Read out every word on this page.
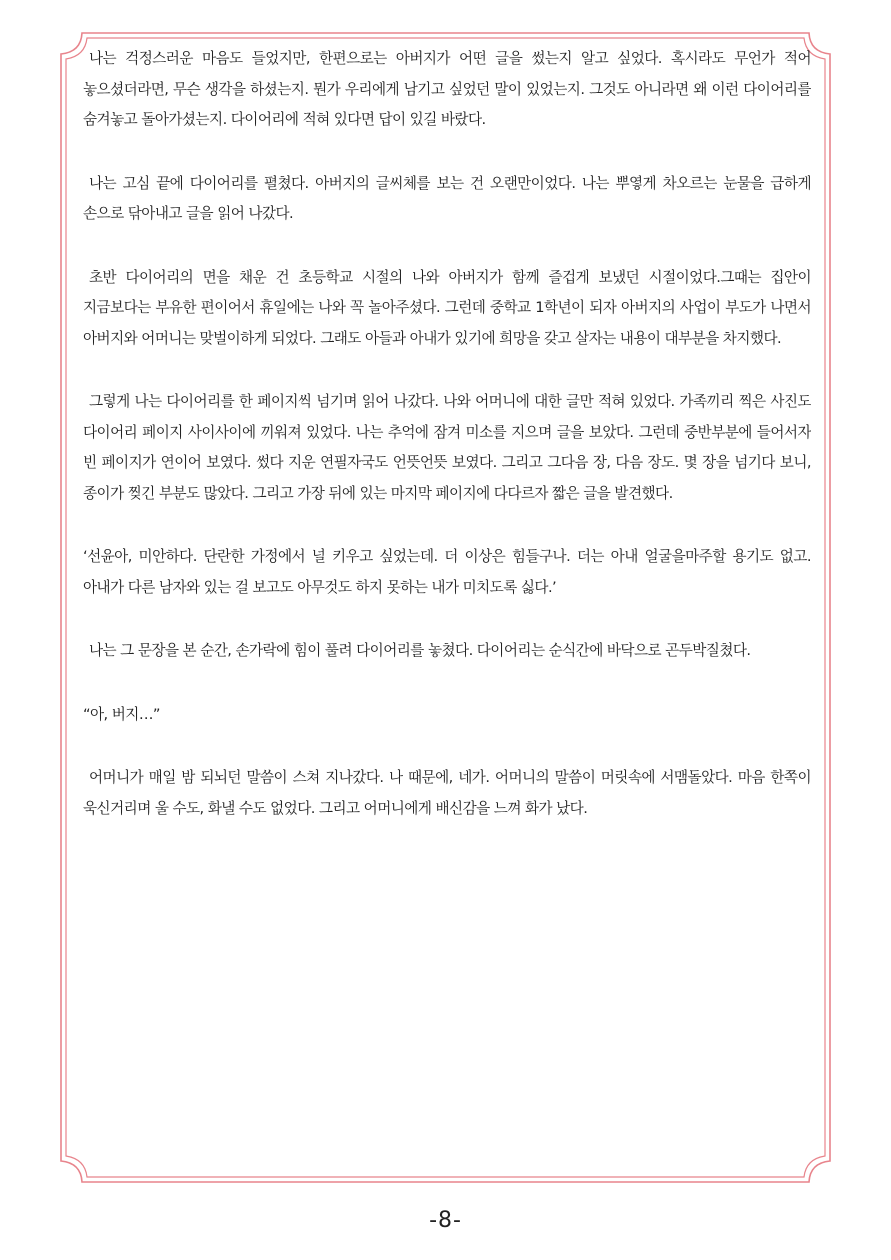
나는 걱정스러운 마음도 들었지만, 한편으로는 아버지가 어떤 글을 썼는지 알고 싶었다. 혹시라도 무언가 적어 놓으셨더라면, 무슨 생각을 하셨는지. 뭔가 우리에게 남기고 싶었던 말이 있었는지. 그것도 아니라면 왜 이런 다이어리를 숨겨놓고 돌아가셨는지. 다이어리에 적혀 있다면 답이 있길 바랐다.

나는 고심 끝에 다이어리를 펼쳤다. 아버지의 글씨체를 보는 건 오랜만이었다. 나는 뿌옇게 차오르는 눈물을 급하게 손으로 닦아내고 글을 읽어 나갔다.

초반 다이어리의 면을 채운 건 초등학교 시절의 나와 아버지가 함께 즐겁게 보냈던 시절이었다.그때는 집안이 지금보다는 부유한 편이어서 휴일에는 나와 꼭 놀아주셨다. 그런데 중학교 1학년이 되자 아버지의 사업이 부도가 나면서 아버지와 어머니는 맞벌이하게 되었다. 그래도 아들과 아내가 있기에 희망을 갖고 살자는 내용이 대부분을 차지했다.

그렇게 나는 다이어리를 한 페이지씩 넘기며 읽어 나갔다. 나와 어머니에 대한 글만 적혀 있었다. 가족끼리 찍은 사진도 다이어리 페이지 사이사이에 끼워져 있었다. 나는 추억에 잠겨 미소를 지으며 글을 보았다. 그런데 중반부분에 들어서자 빈 페이지가 연이어 보였다. 썼다 지운 연필자국도 언뜻언뜻 보였다. 그리고 그다음 장, 다음 장도. 몇 장을 넘기다 보니, 종이가 찢긴 부분도 많았다. 그리고 가장 뒤에 있는 마지막 페이지에 다다르자 짧은 글을 발견했다.

‘선윤아, 미안하다. 단란한 가정에서 널 키우고 싶었는데. 더 이상은 힘들구나. 더는 아내 얼굴을마주할 용기도 없고. 아내가 다른 남자와 있는 걸 보고도 아무것도 하지 못하는 내가 미치도록 싫다.’

나는 그 문장을 본 순간, 손가락에 힘이 풀려 다이어리를 놓쳤다. 다이어리는 순식간에 바닥으로 곤두박질쳤다.

“아, 버지…”

어머니가 매일 밤 되뇌던 말씀이 스쳐 지나갔다. 나 때문에, 네가. 어머니의 말씀이 머릿속에 서맴돌았다. 마음 한쪽이 욱신거리며 울 수도, 화낼 수도 없었다. 그리고 어머니에게 배신감을 느껴 화가 났다.

-8-
